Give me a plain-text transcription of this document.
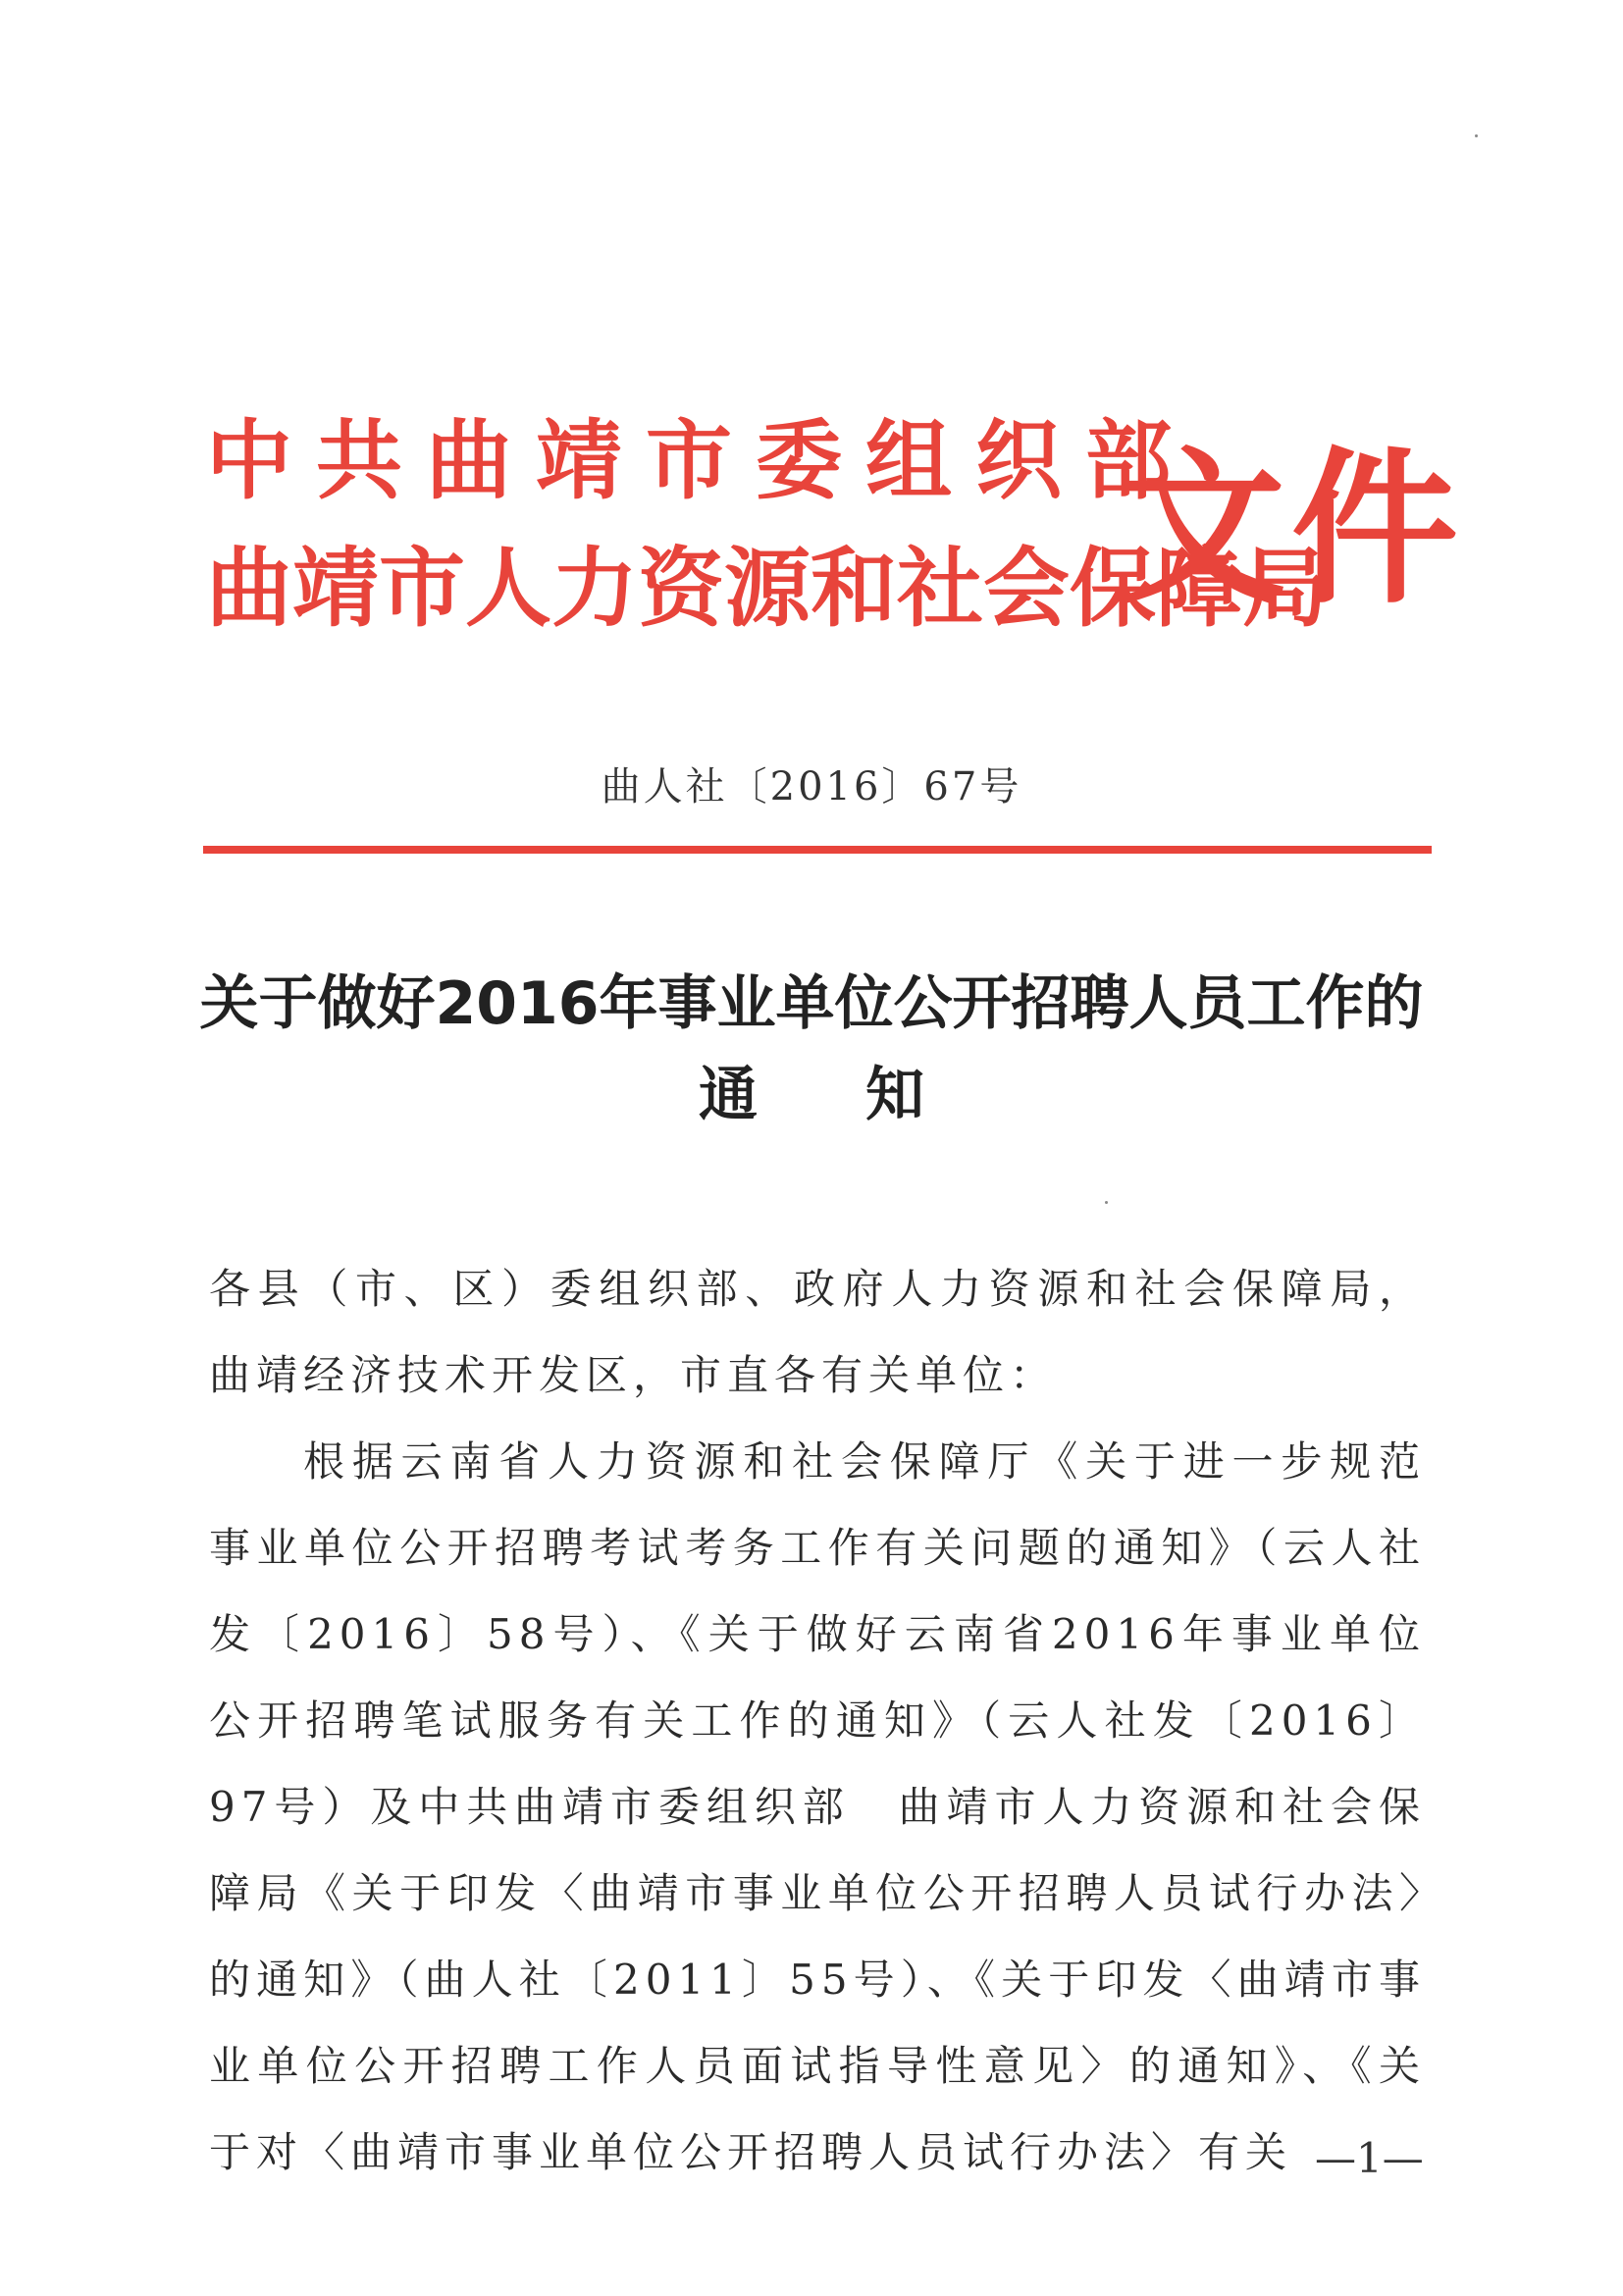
中共曲靖市委组织部
曲靖市人力资源和社会保障局
文件
曲人社〔2016〕67号
关于做好2016年事业单位公开招聘人员工作的
通知

各县（市、区）委组织部、政府人力资源和社会保障局，曲靖经济技术开发区，市直各有关单位：

根据云南省人力资源和社会保障厅《关于进一步规范事业单位公开招聘考试考务工作有关问题的通知》（云人社发〔2016〕58号）、《关于做好云南省2016年事业单位公开招聘笔试服务有关工作的通知》（云人社发〔2016〕97号）及中共曲靖市委组织部　曲靖市人力资源和社会保障局《关于印发〈曲靖市事业单位公开招聘人员试行办法〉的通知》（曲人社〔2011〕55号）、《关于印发〈曲靖市事业单位公开招聘工作人员面试指导性意见〉的通知》、《关于对〈曲靖市事业单位公开招聘人员试行办法〉有关 —1—
